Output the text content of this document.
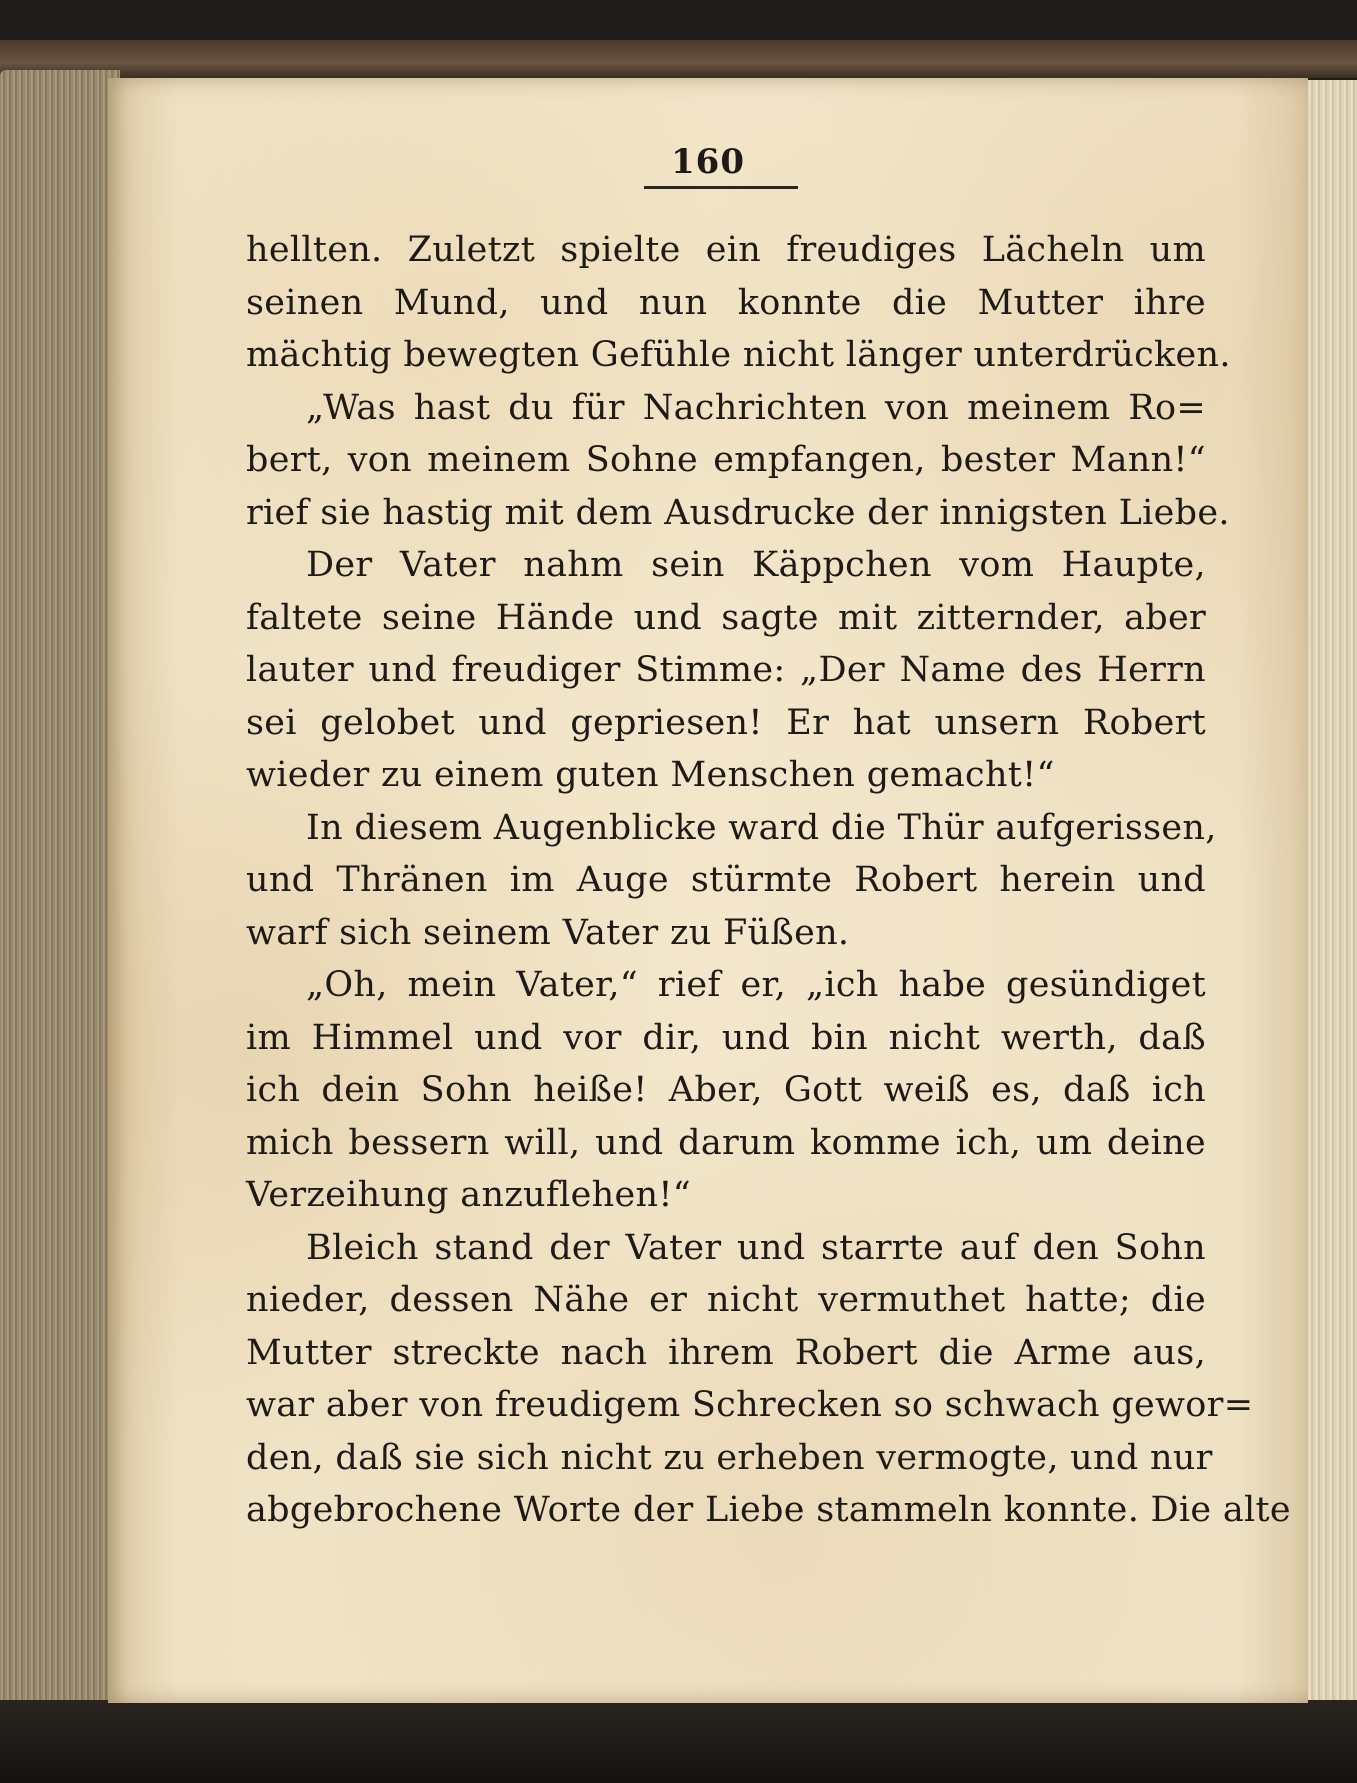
160
hellten. Zuletzt spielte ein freudiges Lächeln um
seinen Mund, und nun konnte die Mutter ihre
mächtig bewegten Gefühle nicht länger unterdrücken.
„Was hast du für Nachrichten von meinem Ro=
bert, von meinem Sohne empfangen, bester Mann!“
rief sie hastig mit dem Ausdrucke der innigsten Liebe.
Der Vater nahm sein Käppchen vom Haupte,
faltete seine Hände und sagte mit zitternder, aber
lauter und freudiger Stimme: „Der Name des Herrn
sei gelobet und gepriesen! Er hat unsern Robert
wieder zu einem guten Menschen gemacht!“
In diesem Augenblicke ward die Thür aufgerissen,
und Thränen im Auge stürmte Robert herein und
warf sich seinem Vater zu Füßen.
„Oh, mein Vater,“ rief er, „ich habe gesündiget
im Himmel und vor dir, und bin nicht werth, daß
ich dein Sohn heiße! Aber, Gott weiß es, daß ich
mich bessern will, und darum komme ich, um deine
Verzeihung anzuflehen!“
Bleich stand der Vater und starrte auf den Sohn
nieder, dessen Nähe er nicht vermuthet hatte; die
Mutter streckte nach ihrem Robert die Arme aus,
war aber von freudigem Schrecken so schwach gewor=
den, daß sie sich nicht zu erheben vermogte, und nur
abgebrochene Worte der Liebe stammeln konnte. Die alte
